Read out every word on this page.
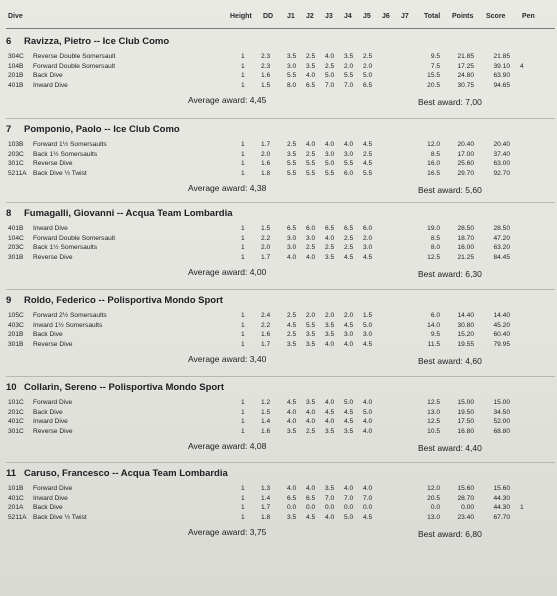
Dive	Height DD J1 J2 J3 J4 J5 J6 J7 Total Points Score Pen
6 Ravizza, Pietro -- Ice Club Como
304C Reverse Double Somersault	1 2.3	3.5 2.5 4.0 3.5 2.5	9.5	21.85	21.85
104B Forward Double Somersault	1 2.3	3.0 3.5 2.5 2.0 2.0	7.5	17.25	39.10 4
201B Back Dive	1 1.6	5.5 4.0 5.0 5.5 5.0	15.5	24.80	63.90
401B Inward Dive	1 1.5	8.0 6.5 7.0 7.0 6.5	20.5	30.75	94.65
Average award: 4,45	Best award: 7,00
7 Pomponio, Paolo -- Ice Club Como
103B Forward 1½ Somersaults	1 1.7	2.5 4.0 4.0 4.0 4.5	12.0	20.40	20.40
203C Back 1½ Somersaults	1 2.0	3.5 2.5 3.0 3.0 2.5	8.5	17.00	37.40
301C Reverse Dive	1 1.6	5.5 5.5 5.0 5.5 4.5	16.0	25.60	63.00
5211A Back Dive ½ Twist	1 1.8	5.5 5.5 5.5 6.0 5.5	16.5	29.70	92.70
Average award: 4,38	Best award: 5,60
8 Fumagalli, Giovanni -- Acqua Team Lombardia
401B Inward Dive	1 1.5	6.5 6.0 6.5 6.5 6.0	19.0	28.50	28.50
104C Forward Double Somersault	1 2.2	3.0 3.0 4.0 2.5 2.0	8.5	18.70	47.20
203C Back 1½ Somersaults	1 2.0	3.0 2.5 2.5 2.5 3.0	8.0	16.00	63.20
301B Reverse Dive	1 1.7	4.0 4.0 3.5 4.5 4.5	12.5	21.25	84.45
Average award: 4,00	Best award: 6,30
9 Roldo, Federico -- Polisportiva Mondo Sport
105C Forward 2½ Somersaults	1 2.4	2.5 2.0 2.0 2.0 1.5	6.0	14.40	14.40
403C Inward 1½ Somersaults	1 2.2	4.5 5.5 3.5 4.5 5.0	14.0	30.80	45.20
201B Back Dive	1 1.6	2.5 3.5 3.5 3.0 3.0	9.5	15.20	60.40
301B Reverse Dive	1 1.7	3.5 3.5 4.0 4.0 4.5	11.5	19.55	79.95
Average award: 3,40	Best award: 4,60
10 Collarin, Sereno -- Polisportiva Mondo Sport
101C Forward Dive	1 1.2	4.5 3.5 4.0 5.0 4.0	12.5	15.00	15.00
201C Back Dive	1 1.5	4.0 4.0 4.5 4.5 5.0	13.0	19.50	34.50
401C Inward Dive	1 1.4	4.0 4.0 4.0 4.5 4.0	12.5	17.50	52.00
301C Reverse Dive	1 1.6	3.5 2.5 3.5 3.5 4.0	10.5	16.80	68.80
Average award: 4,08	Best award: 4,40
11 Caruso, Francesco -- Acqua Team Lombardia
101B Forward Dive	1 1.3	4.0 4.0 3.5 4.0 4.0	12.0	15.60	15.60
401C Inward Dive	1 1.4	6.5 6.5 7.0 7.0 7.0	20.5	28.70	44.30
201A Back Dive	1 1.7	0.0 0.0 0.0 0.0 0.0	0.0	0.00	44.30 1
5211A Back Dive ½ Twist	1 1.8	3.5 4.5 4.0 5.0 4.5	13.0	23.40	67.70
Average award: 3,75	Best award: 6,80
